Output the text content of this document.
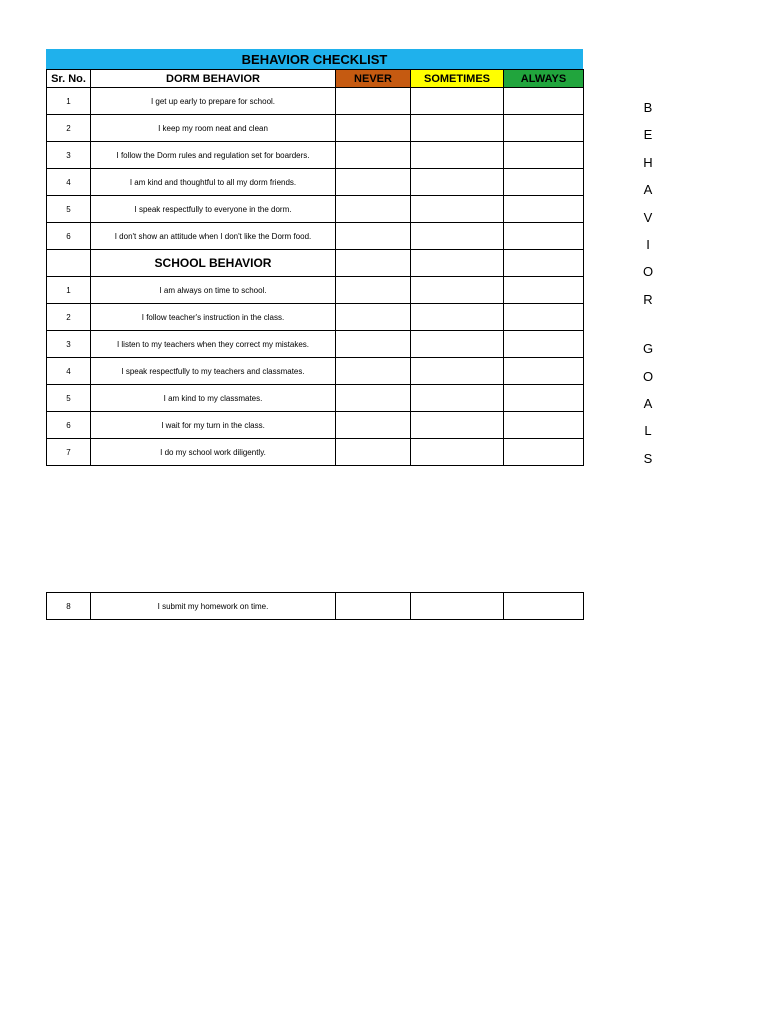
BEHAVIOR CHECKLIST
Sr. No.	DORM BEHAVIOR	NEVER	SOMETIMES	ALWAYS
1	I get up early to prepare for school.			
2	I keep my room neat and clean			
3	I follow the Dorm rules and regulation set for boarders.			
4	I am kind and thoughtful to all my dorm friends.			
5	I speak respectfully to everyone in the dorm.			
6	I don't show an attitude when I don't like the Dorm food.			
	SCHOOL BEHAVIOR			
1	I am always on time to school.			
2	I follow teacher's instruction in the class.			
3	I listen to my teachers when they correct my mistakes.			
4	I speak respectfully to my teachers and classmates.			
5	I am kind to my classmates.			
6	I wait for my turn in the class.			
7	I do my school work diligently.			
8	I submit my homework on time.			
B
E
H
A
V
I
O
R
G
O
A
L
S
